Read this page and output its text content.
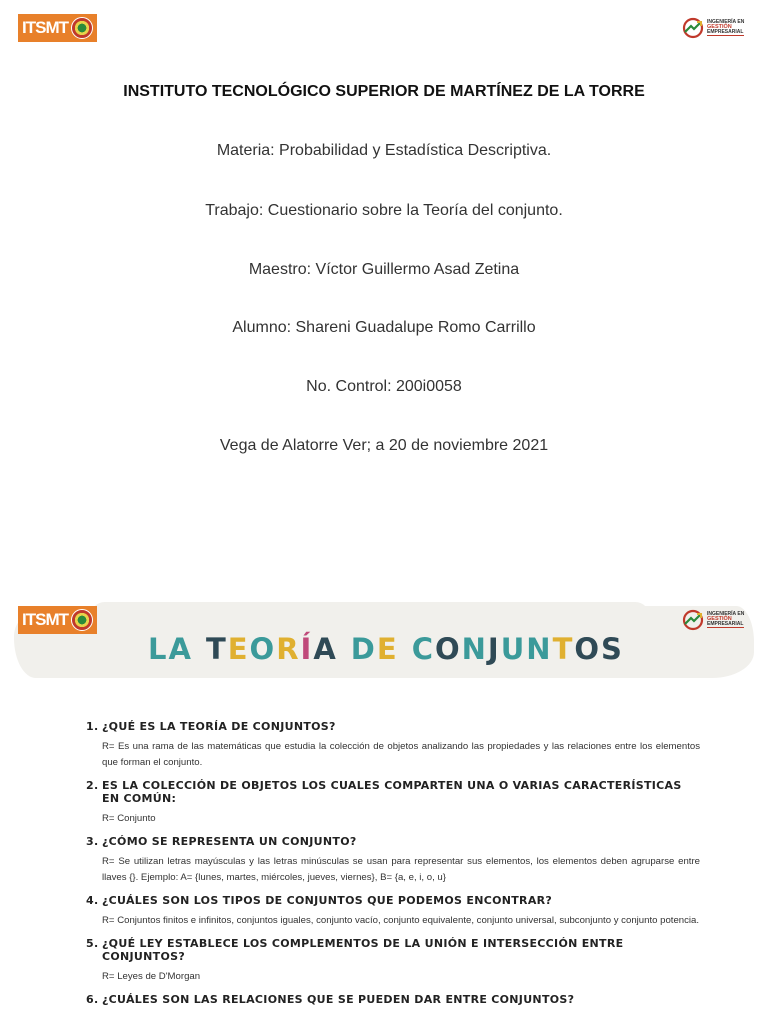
ITSMT	INGENIERÍA EN
GESTIÓN
EMPRESARIAL
INSTITUTO TECNOLÓGICO SUPERIOR DE MARTÍNEZ DE LA TORRE
Materia: Probabilidad y Estadística Descriptiva.
Trabajo: Cuestionario sobre la Teoría del conjunto.
Maestro: Víctor Guillermo Asad Zetina
Alumno: Shareni Guadalupe Romo Carrillo
No. Control: 200i0058
Vega de Alatorre Ver; a 20 de noviembre 2021
ITSMT	INGENIERÍA EN
GESTIÓN
EMPRESARIAL
L A T E O R Í A D E C O N J U N T O S
1. ¿QUÉ ES LA TEORÍA DE CONJUNTOS?
R= Es una rama de las matemáticas que estudia la colección de objetos analizando las propiedades y las relaciones entre los elementos que forman el conjunto.
2. ES LA COLECCIÓN DE OBJETOS LOS CUALES COMPARTEN UNA O VARIAS CARACTERÍSTICAS EN COMÚN:
R= Conjunto
3. ¿CÓMO SE REPRESENTA UN CONJUNTO?
R= Se utilizan letras mayúsculas y las letras minúsculas se usan para representar sus elementos, los elementos deben agruparse entre llaves {}. Ejemplo: A= {lunes, martes, miércoles, jueves, viernes}, B= {a, e, i, o, u}
4. ¿CUÁLES SON LOS TIPOS DE CONJUNTOS QUE PODEMOS ENCONTRAR?
R= Conjuntos finitos e infinitos, conjuntos iguales, conjunto vacío, conjunto equivalente, conjunto universal, subconjunto y conjunto potencia.
5. ¿QUÉ LEY ESTABLECE LOS COMPLEMENTOS DE LA UNIÓN E INTERSECCIÓN ENTRE CONJUNTOS?
R= Leyes de D'Morgan
6. ¿CUÁLES SON LAS RELACIONES QUE SE PUEDEN DAR ENTRE CONJUNTOS?
